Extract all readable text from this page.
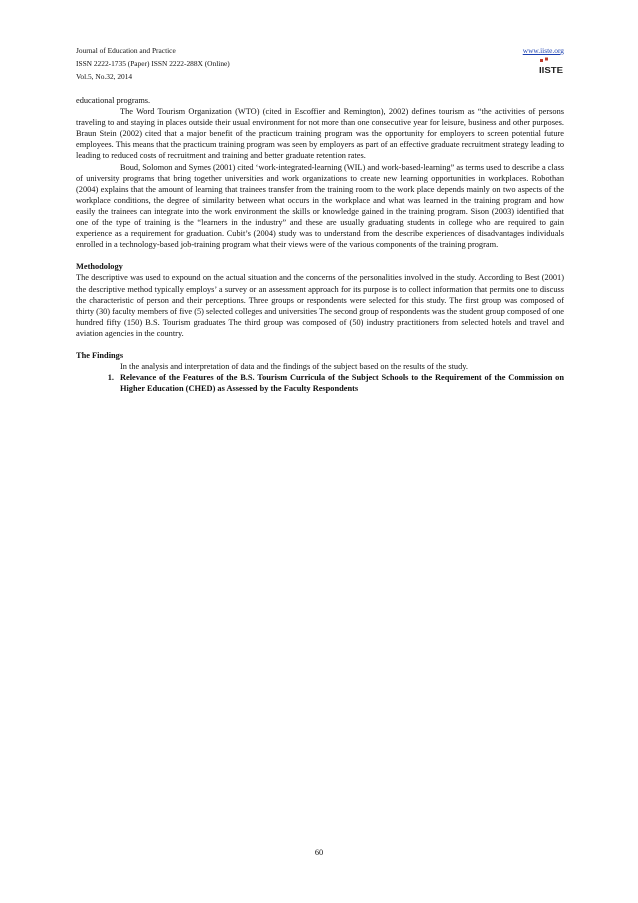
Journal of Education and Practice
ISSN 2222-1735 (Paper) ISSN 2222-288X (Online)
Vol.5, No.32, 2014
www.iiste.org
IISTE

educational programs.

The Word Tourism Organization (WTO) (cited in Escoffier and Remington), 2002) defines tourism as “the activities of persons traveling to and staying in places outside their usual environment for not more than one consecutive year for leisure, business and other purposes. Braun Stein (2002) cited that a major benefit of the practicum training program was the opportunity for employers to screen potential future employees. This means that the practicum training program was seen by employers as part of an effective graduate recruitment strategy leading to leading to reduced costs of recruitment and training and better graduate retention rates.

Boud, Solomon and Symes (2001) cited ‘work-integrated-learning (WIL) and work-based-learning” as terms used to describe a class of university programs that bring together universities and work organizations to create new learning opportunities in workplaces. Robothan (2004) explains that the amount of learning that trainees transfer from the training room to the work place depends mainly on two aspects of the workplace conditions, the degree of similarity between what occurs in the workplace and what was learned in the training program and how easily the trainees can integrate into the work environment the skills or knowledge gained in the training program. Sison (2003) identified that one of the type of training is the “learners in the industry” and these are usually graduating students in college who are required to gain experience as a requirement for graduation. Cubit’s (2004) study was to understand from the describe experiences of disadvantages individuals enrolled in a technology-based job-training program what their views were of the various components of the training program.

Methodology

The descriptive was used to expound on the actual situation and the concerns of the personalities involved in the study. According to Best (2001) the descriptive method typically employs’ a survey or an assessment approach for its purpose is to collect information that permits one to discuss the characteristic of person and their perceptions. Three groups or respondents were selected for this study. The first group was composed of thirty (30) faculty members of five (5) selected colleges and universities The second group of respondents was the student group composed of one hundred fifty (150) B.S. Tourism graduates The third group was composed of (50) industry practitioners from selected hotels and travel and aviation agencies in the country.

The Findings

In the analysis and interpretation of data and the findings of the subject based on the results of the study.

1. Relevance of the Features of the B.S. Tourism Curricula of the Subject Schools to the Requirement of the Commission on Higher Education (CHED) as Assessed by the Faculty Respondents
60
